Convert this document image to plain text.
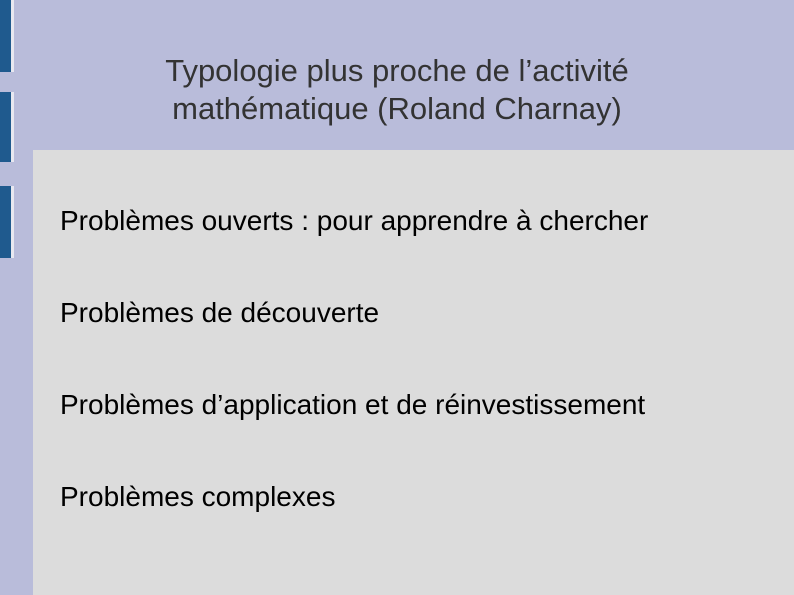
Typologie plus proche de l’activité
mathématique (Roland Charnay)
Problèmes ouverts : pour apprendre à chercher
Problèmes de découverte
Problèmes d’application et de réinvestissement
Problèmes complexes
